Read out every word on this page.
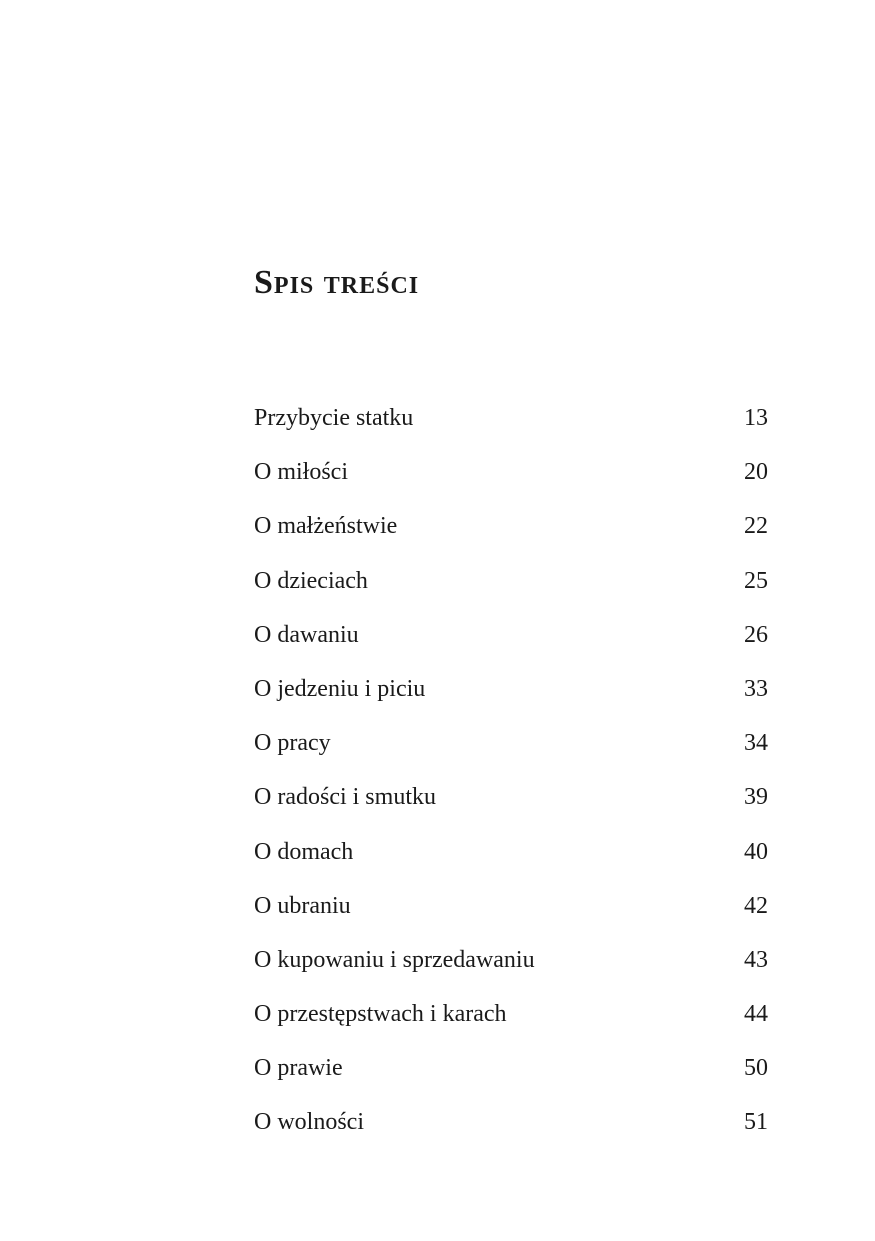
Spis treści
Przybycie statku	13
O miłości	20
O małżeństwie	22
O dzieciach	25
O dawaniu	26
O jedzeniu i piciu	33
O pracy	34
O radości i smutku	39
O domach	40
O ubraniu	42
O kupowaniu i sprzedawaniu	43
O przestępstwach i karach	44
O prawie	50
O wolności	51
